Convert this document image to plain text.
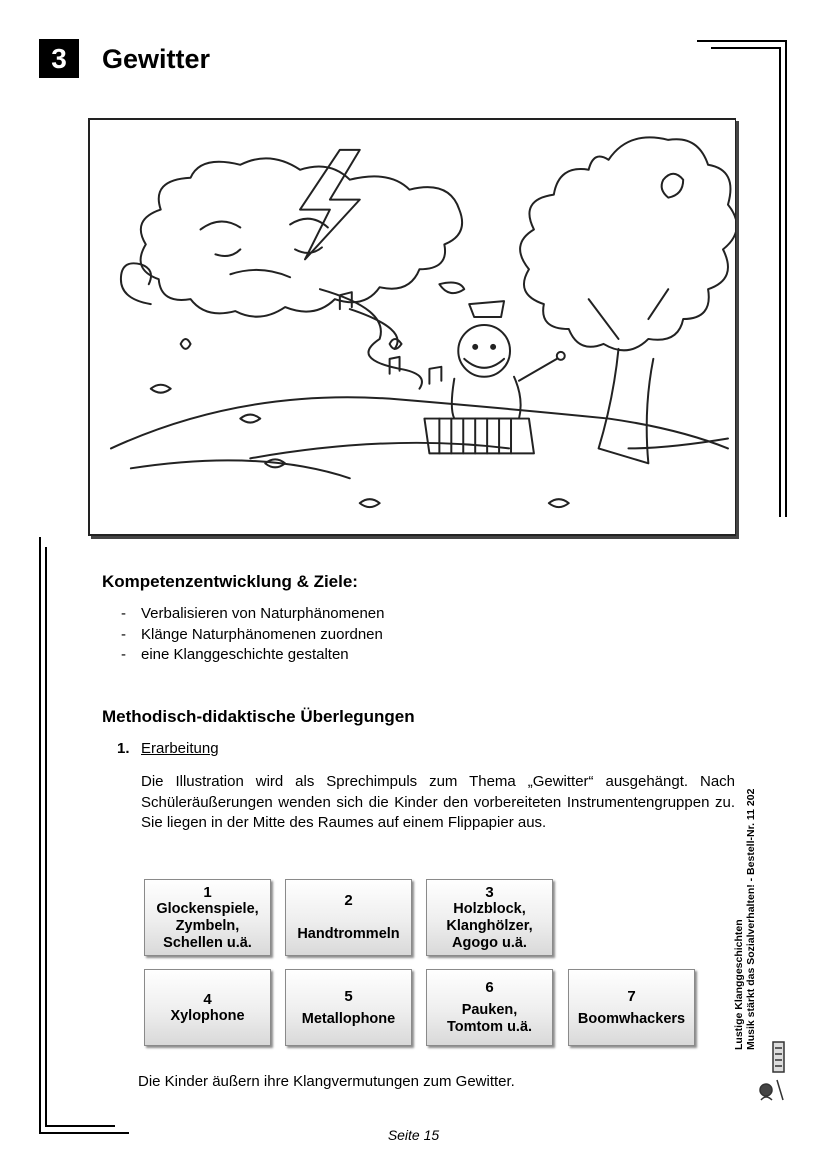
3	Gewitter
Kompetenzentwicklung & Ziele:
- Verbalisieren von Naturphänomenen
- Klänge Naturphänomenen zuordnen
- eine Klanggeschichte gestalten
Methodisch-didaktische Überlegungen
1. Erarbeitung

Die Illustration wird als Sprechimpuls zum Thema „Gewitter“ ausgehängt. Nach Schüleräußerungen wenden sich die Kinder den vorbereiteten Instrumentengruppen zu. Sie liegen in der Mitte des Raumes auf einem Flippapier aus.

1
Glockenspiele,
Zymbeln,
Schellen u.ä.
2
Handtrommeln
3
Holzblock,
Klanghölzer,
Agogo u.ä.
4
Xylophone
5
Metallophone
6
Pauken,
Tomtom u.ä.
7
Boomwhackers
Die Kinder äußern ihre Klangvermutungen zum Gewitter.
Seite 15
Lustige Klanggeschichten Musik stärkt das Sozialverhalten! - Bestell-Nr. 11 202
